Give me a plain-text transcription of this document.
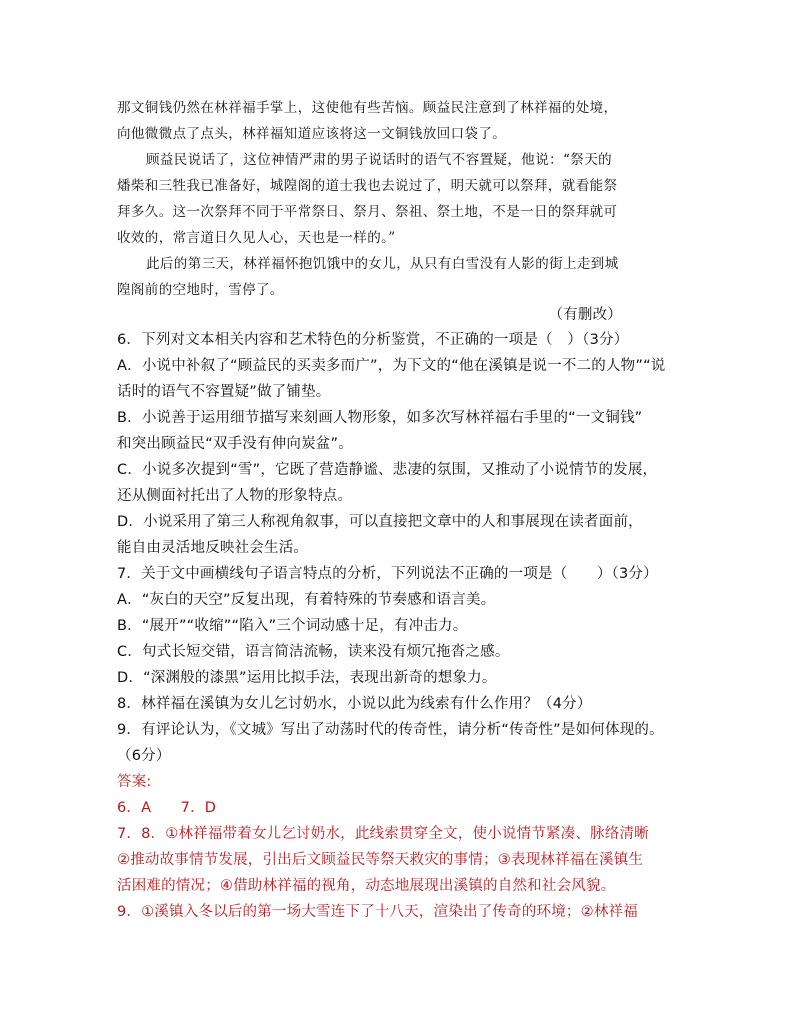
那文铜钱仍然在林祥福手掌上，这使他有些苦恼。顾益民注意到了林祥福的处境，
向他微微点了点头，林祥福知道应该将这一文铜钱放回口袋了。
顾益民说话了，这位神情严肃的男子说话时的语气不容置疑，他说：“祭天的
燔柴和三牲我已准备好，城隍阁的道士我也去说过了，明天就可以祭拜，就看能祭
拜多久。这一次祭拜不同于平常祭日、祭月、祭祖、祭土地，不是一日的祭拜就可
收效的，常言道日久见人心，天也是一样的。”
此后的第三天，林祥福怀抱饥饿中的女儿，从只有白雪没有人影的街上走到城
隍阁前的空地时，雪停了。
（有删改）
6．下列对文本相关内容和艺术特色的分析鉴赏，不正确的一项是（　）（3分）
A．小说中补叙了“顾益民的买卖多而广”，为下文的“他在溪镇是说一不二的人物”“说
话时的语气不容置疑”做了铺垫。
B．小说善于运用细节描写来刻画人物形象，如多次写林祥福右手里的“一文铜钱”
和突出顾益民“双手没有伸向炭盆”。
C．小说多次提到“雪”，它既了营造静谧、悲凄的氛围，又推动了小说情节的发展，
还从侧面衬托出了人物的形象特点。
D．小说采用了第三人称视角叙事，可以直接把文章中的人和事展现在读者面前，
能自由灵活地反映社会生活。
7．关于文中画横线句子语言特点的分析，下列说法不正确的一项是（　　）（3分）
A．“灰白的天空”反复出现，有着特殊的节奏感和语言美。
B．“展开”“收缩”“陷入”三个词动感十足，有冲击力。
C．句式长短交错，语言简洁流畅，读来没有烦冗拖沓之感。
D．“深渊般的漆黑”运用比拟手法，表现出新奇的想象力。
8．林祥福在溪镇为女儿乞讨奶水，小说以此为线索有什么作用？（4分）
9．有评论认为，《文城》写出了动荡时代的传奇性，请分析“传奇性”是如何体现的。
（6分）
答案:
6．A　　7．D
7．8．①林祥福带着女儿乞讨奶水，此线索贯穿全文，使小说情节紧凑、脉络清晰
②推动故事情节发展，引出后文顾益民等祭天救灾的事情；③表现林祥福在溪镇生
活困难的情况；④借助林祥福的视角，动态地展现出溪镇的自然和社会风貌。
9．①溪镇入冬以后的第一场大雪连下了十八天，渲染出了传奇的环境；②林祥福
